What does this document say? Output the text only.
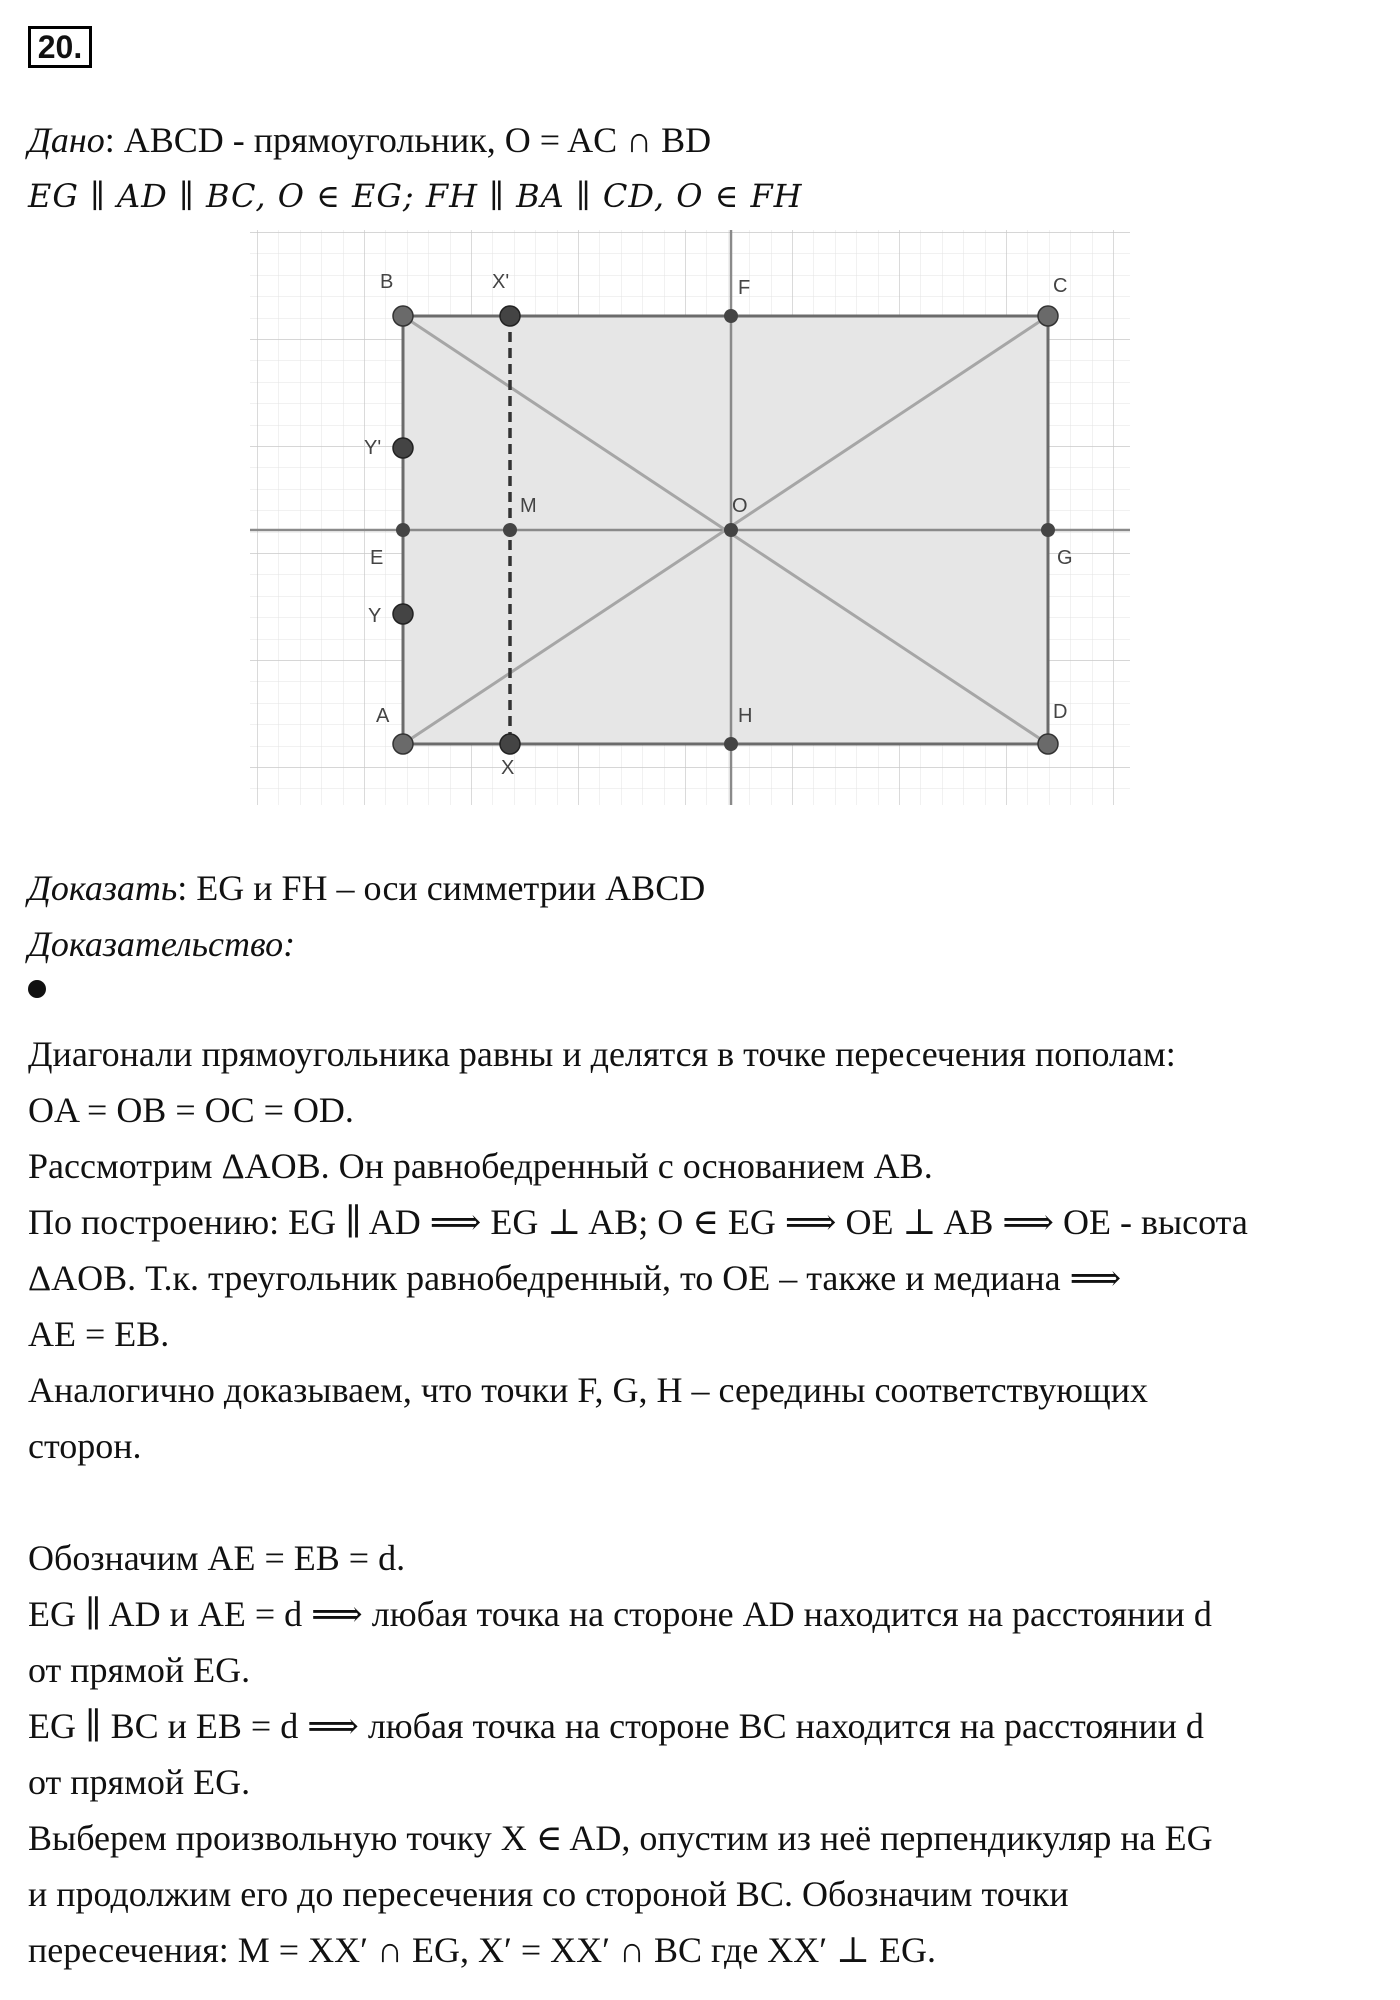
20.
Дано: ABCD - прямоугольник, O = AC ∩ BD
EG ∥ AD ∥ BC, O ∈ EG; FH ∥ BA ∥ CD, O ∈ FH
B	X'	F	C
Y'
M	O
E	G
Y
A	H	D
X
Доказать: EG и FH – оси симметрии ABCD
Доказательство:
Диагонали прямоугольника равны и делятся в точке пересечения пополам:
OA = OB = OC = OD.
Рассмотрим ΔAOB. Он равнобедренный с основанием AB.
По построению: EG ∥ AD ⟹ EG ⊥ AB; O ∈ EG ⟹ OE ⊥ AB ⟹ OE - высота
ΔAOB. Т.к. треугольник равнобедренный, то OE – также и медиана ⟹
AE = EB.
Аналогично доказываем, что точки F, G, H – середины соответствующих
сторон.
Обозначим AE = EB = d.
EG ∥ AD и AE = d ⟹ любая точка на стороне AD находится на расстоянии d
от прямой EG.
EG ∥ BC и EB = d ⟹ любая точка на стороне BC находится на расстоянии d
от прямой EG.
Выберем произвольную точку X ∈ AD, опустим из неё перпендикуляр на EG
и продолжим его до пересечения со стороной BC. Обозначим точки
пересечения: M = XX′ ∩ EG, X′ = XX′ ∩ BC где XX′ ⊥ EG.
